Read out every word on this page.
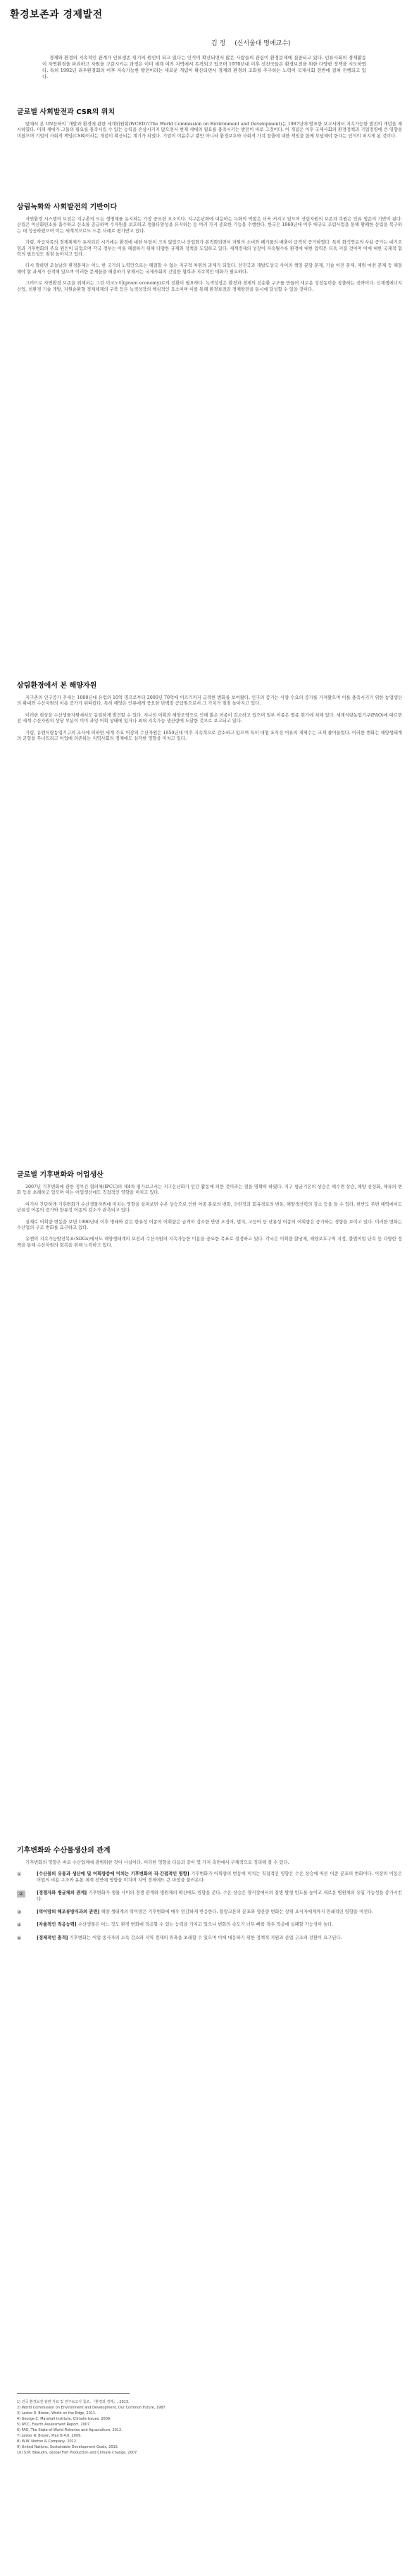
환경보존과 경제발전
김 정 (신서울대 명예교수)

경제와 환경의 지속적인 관계가 인류생존 위기의 원인이 되고 있다는 인식이 확산되면서 많은 사람들의 관심이 환경문제에 집중되고 있다. 인류사회의 경제활동이 자연환경을 파괴하고 자원을 고갈시키는 과정은 이미 세계 여러 지역에서 목격되고 있으며 1970년대 이후 선진국들은 환경보전을 위한 다양한 정책을 시도하였다. 특히 1992년 리우환경회의 이후 지속가능한 발전이라는 새로운 개념이 확산되면서 경제와 환경의 조화를 추구하는 노력이 국제사회 전반에 걸쳐 진행되고 있다.

글로벌 사회발전과 CSR의 위치

앞에서 본 UN산하의 '개발과 환경에 관한 세계위원회(WCED)'(The World Commission on Environment and Development)는 1987년에 발표한 보고서에서 지속가능한 발전의 개념을 제시하였다. 미래 세대가 그들의 필요를 충족시킬 수 있는 능력을 손상시키지 않으면서 현재 세대의 필요를 충족시키는 발전이 바로 그것이다. 이 개념은 이후 국제사회의 환경정책과 기업경영에 큰 영향을 미쳤으며 기업의 사회적 책임(CSR)이라는 개념이 확산되는 계기가 되었다. 기업이 이윤추구 뿐만 아니라 환경보호와 사회적 가치 창출에 대한 책임을 함께 부담해야 한다는 인식이 퍼지게 된 것이다.

삼림녹화와 사회발전의 기반이다

자연환경 시스템의 보전은 지구촌의 모든 생명체를 유지하는 가장 중요한 요소이다. 지구온난화에 대응하는 녹화의 역할은 더욱 커지고 있으며 산림자원의 보존과 복원은 인류 생존의 기반이 된다. 산림은 이산화탄소를 흡수하고 산소를 공급하며 수자원을 보호하고 생물다양성을 유지하는 등 여러 가지 중요한 기능을 수행한다. 한국은 1960년대 이후 대규모 조림사업을 통해 황폐한 산림을 복구하는 데 성공하였으며 이는 세계적으로도 드문 사례로 평가받고 있다.

가령, 자급자족의 경제체제가 유지되던 시기에는 환경에 대한 부담이 크지 않았으나 산업화가 본격화되면서 자원의 소비와 폐기물의 배출이 급격히 증가하였다. 특히 화석연료의 사용 증가는 대기오염과 기후변화의 주요 원인이 되었으며 각국 정부는 이를 해결하기 위해 다양한 규제와 정책을 도입하고 있다. 세계경제의 성장이 지속될수록 환경에 대한 압력은 더욱 커질 것이며 이에 대한 국제적 협력의 필요성도 점점 높아지고 있다.

다시 말하면 오늘날의 환경문제는 어느 한 국가의 노력만으로는 해결할 수 없는 지구적 차원의 과제가 되었다. 선진국과 개발도상국 사이의 책임 분담 문제, 기술 이전 문제, 재원 마련 문제 등 해결해야 할 과제가 산적해 있으며 이러한 문제들을 해결하기 위해서는 국제사회의 긴밀한 협력과 지속적인 대화가 필요하다.

그러므로 자연환경 보존을 위해서는 그린 이코노미(green economy)로의 전환이 필요하다. 녹색성장은 환경과 경제의 선순환 구조를 만들어 새로운 성장동력을 창출하는 전략이다. 신재생에너지 산업, 친환경 기술 개발, 자원순환형 경제체제의 구축 등은 녹색성장의 핵심적인 요소이며 이를 통해 환경보전과 경제발전을 동시에 달성할 수 있을 것이다.

삼림환경에서 본 해양자원

지구촌의 인구증가 추세는 1800년대 유럽의 10억 명으로부터 2000년 70억에 이르기까지 급격한 변화를 보여왔다. 인구의 증가는 식량 수요의 증가를 가져왔으며 이를 충족시키기 위한 농업생산의 확대와 수산자원의 이용 증가가 뒤따랐다. 특히 해양은 인류에게 중요한 단백질 공급원으로서 그 가치가 점점 높아지고 있다.

이러한 현상을 수산생물자원에서도 동일하게 발견할 수 있다. 지나친 어획과 해양오염으로 인해 많은 어종이 감소하고 있으며 일부 어종은 멸종 위기에 처해 있다. 세계식량농업기구(FAO)에 따르면 전 세계 수산자원의 상당 부분이 이미 과잉 어획 상태에 있거나 최대 지속가능 생산량에 도달한 것으로 보고되고 있다.

가령, 유엔식량농업기구의 조사에 의하면 세계 주요 어장의 수산자원은 1950년대 이후 지속적으로 감소하고 있으며 특히 대형 포식성 어류의 개체수는 크게 줄어들었다. 이러한 변화는 해양생태계의 균형을 무너뜨리고 어업에 의존하는 지역사회의 경제에도 심각한 영향을 미치고 있다.

글로벌 기후변화와 어업생산

2007년 기후변화에 관한 정부간 협의체(IPCC)의 제4차 평가보고서는 지구온난화가 인간 활동에 의한 것이라는 점을 명확히 하였다. 지구 평균기온의 상승은 해수면 상승, 해양 산성화, 해류의 변화 등을 초래하고 있으며 이는 어업생산에도 직접적인 영향을 미치고 있다.

여기서 간단하게 기후변화가 수산생물자원에 미치는 영향을 살펴보면 수온 상승으로 인한 어종 분포의 변화, 산란장과 회유경로의 변동, 해양생산력의 감소 등을 들 수 있다. 한반도 주변 해역에서도 난류성 어종의 증가와 한류성 어종의 감소가 관측되고 있다.

실제로 어획량 변동을 보면 1990년대 이후 명태와 같은 한류성 어종의 어획량은 급격히 감소한 반면 오징어, 멸치, 고등어 등 난류성 어종의 어획량은 증가하는 경향을 보이고 있다. 이러한 변화는 수산업의 구조 변화를 요구하고 있다.

유엔의 지속가능발전목표(SDGs)에서도 해양생태계의 보전과 수산자원의 지속가능한 이용을 중요한 목표로 설정하고 있다. 각국은 어획량 할당제, 해양보호구역 지정, 불법어업 단속 등 다양한 정책을 통해 수산자원의 회복을 위해 노력하고 있다.

기후변화와 수산물생산의 관계

기후변화의 영향은 바로 수산업계에 광범위한 것이 사실이다. 이러한 영향을 다음과 같이 몇 가지 측면에서 구체적으로 정리해 볼 수 있다.

①	[수산물의 유통과 생산에 및 어획량증에 미치는 기후변화의 직·간접적인 영향] 기후변화가 어획량의 변동에 미치는 직접적인 영향은 수온 상승에 따른 어종 분포의 변화이다. 어장의 이동은 어업의 비용 구조와 유통 체계 전반에 영향을 미치며 지역 경제에도 큰 파장을 불러온다.
②	[경쟁자와 병균체의 관계] 기후변화가 생물 사이의 경쟁 관계와 병원체의 확산에도 영향을 준다. 수온 상승은 양식장에서의 질병 발생 빈도를 높이고 새로운 병원체의 유입 가능성을 증가시킨다.
③	[먹이망의 해조류방식과의 관련] 해양 생태계의 먹이망은 기후변화에 매우 민감하게 반응한다. 플랑크톤의 분포와 생산량 변화는 상위 포식자에게까지 연쇄적인 영향을 미친다.
④	[자율적인 적응능력] 수산생물은 어느 정도 환경 변화에 적응할 수 있는 능력을 가지고 있으나 변화의 속도가 너무 빠를 경우 적응에 실패할 가능성이 높다.
⑤	[경제적인 충격] 기후변화는 어업 종사자의 소득 감소와 지역 경제의 위축을 초래할 수 있으며 이에 대응하기 위한 정책적 지원과 산업 구조의 전환이 요구된다.
1) 전국 환경보전 관련 자료 및 연구보고서 참조, 『환경과 경제』, 2013.
2) World Commission on Environment and Development, Our Common Future, 1987.
3) Lester R. Brown, World on the Edge, 2011.
4) George C. Marshall Institute, Climate Issues, 2009.
5) IPCC, Fourth Assessment Report, 2007.
6) FAO, The State of World Fisheries and Aquaculture, 2012.
7) Lester R. Brown, Plan B 4.0, 2009.
8) W.W. Norton & Company, 2012.
9) United Nations, Sustainable Development Goals, 2015.
10) S.M. Beaudry, Global Fish Production and Climate Change, 2007.
